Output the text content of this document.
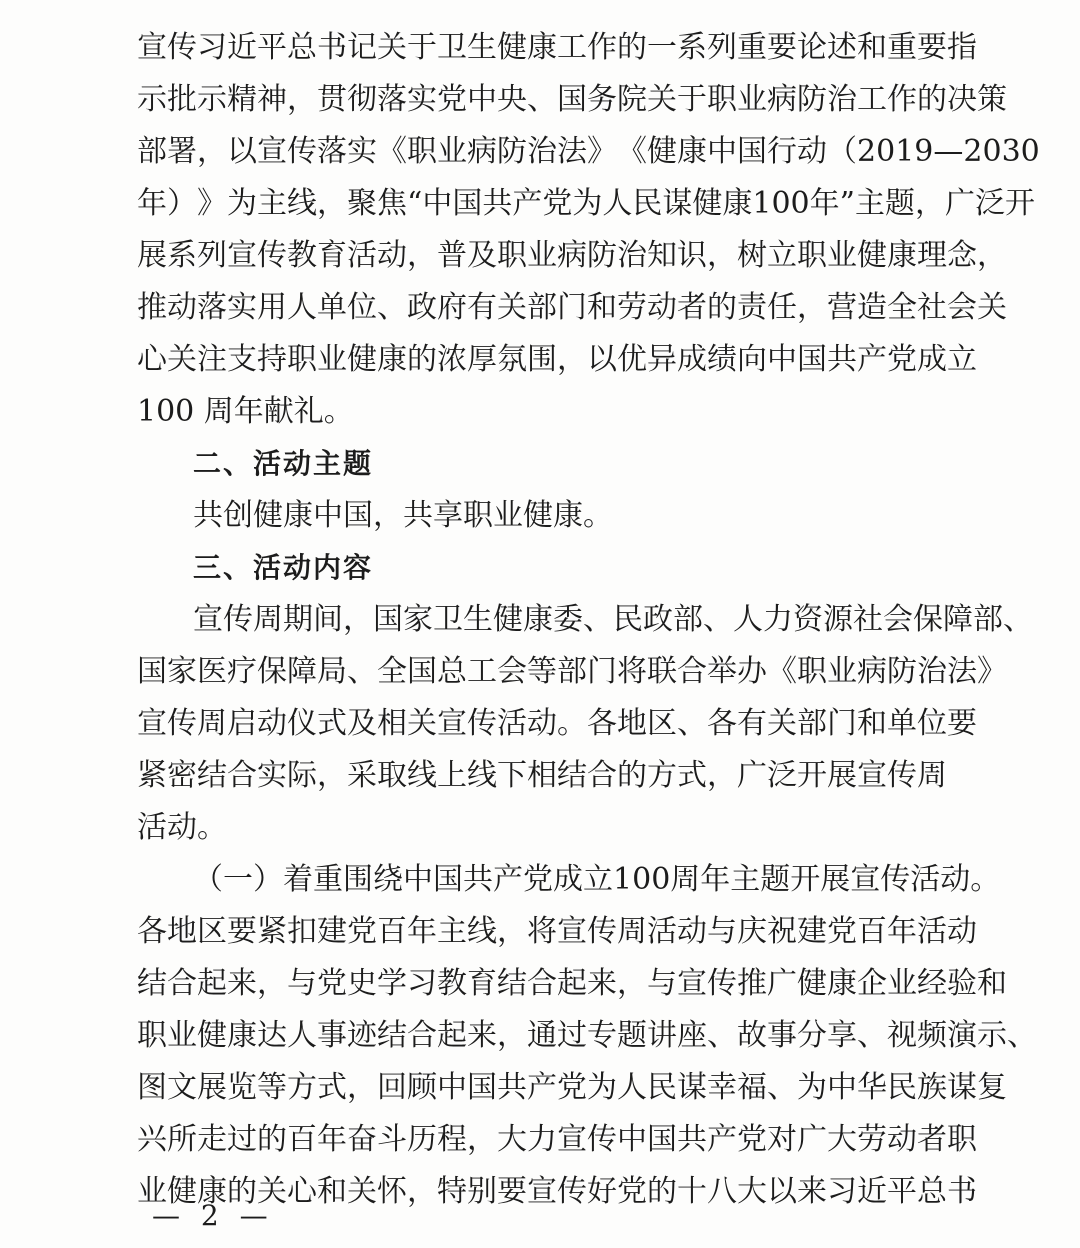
宣 传 习 近 平 总 书 记 关 于 卫 生 健 康 工 作 的 一 系 列 重 要 论 述 和 重 要 指
示 批 示 精 神 ， 贯 彻 落 实 党 中 央 、 国 务 院 关 于 职 业 病 防 治 工 作 的 决 策
部 署 ， 以 宣 传 落 实 《 职 业 病 防 治 法 》 《 健 康 中 国 行 动 （ 2 0 1 9 — 2 0 3 0
年 ） 》 为 主 线 ， 聚 焦 “ 中 国 共 产 党 为 人 民 谋 健 康 1 0 0 年 ” 主 题 ， 广 泛 开
展 系 列 宣 传 教 育 活 动 ， 普 及 职 业 病 防 治 知 识 ， 树 立 职 业 健 康 理 念 ，
推 动 落 实 用 人 单 位 、 政 府 有 关 部 门 和 劳 动 者 的 责 任 ， 营 造 全 社 会 关
心 关 注 支 持 职 业 健 康 的 浓 厚 氛 围 ， 以 优 异 成 绩 向 中 国 共 产 党 成 立
100 周年献礼。
二、活动主题
共创健康中国，共享职业健康。
三、活动内容
宣 传 周 期 间 ， 国 家 卫 生 健 康 委 、 民 政 部 、 人 力 资 源 社 会 保 障 部 、
国 家 医 疗 保 障 局 、 全 国 总 工 会 等 部 门 将 联 合 举 办 《 职 业 病 防 治 法 》
宣 传 周 启 动 仪 式 及 相 关 宣 传 活 动 。 各 地 区 、 各 有 关 部 门 和 单 位 要
紧 密 结 合 实 际 ， 采 取 线 上 线 下 相 结 合 的 方 式 ， 广 泛 开 展 宣 传 周
活动。
（ 一 ） 着 重 围 绕 中 国 共 产 党 成 立 1 0 0 周 年 主 题 开 展 宣 传 活 动 。
各 地 区 要 紧 扣 建 党 百 年 主 线 ， 将 宣 传 周 活 动 与 庆 祝 建 党 百 年 活 动
结 合 起 来 ， 与 党 史 学 习 教 育 结 合 起 来 ， 与 宣 传 推 广 健 康 企 业 经 验 和
职 业 健 康 达 人 事 迹 结 合 起 来 ， 通 过 专 题 讲 座 、 故 事 分 享 、 视 频 演 示 、
图 文 展 览 等 方 式 ， 回 顾 中 国 共 产 党 为 人 民 谋 幸 福 、 为 中 华 民 族 谋 复
兴 所 走 过 的 百 年 奋 斗 历 程 ， 大 力 宣 传 中 国 共 产 党 对 广 大 劳 动 者 职
业 健 康 的 关 心 和 关 怀 ， 特 别 要 宣 传 好 党 的 十 八 大 以 来 习 近 平 总 书
— 2 —
